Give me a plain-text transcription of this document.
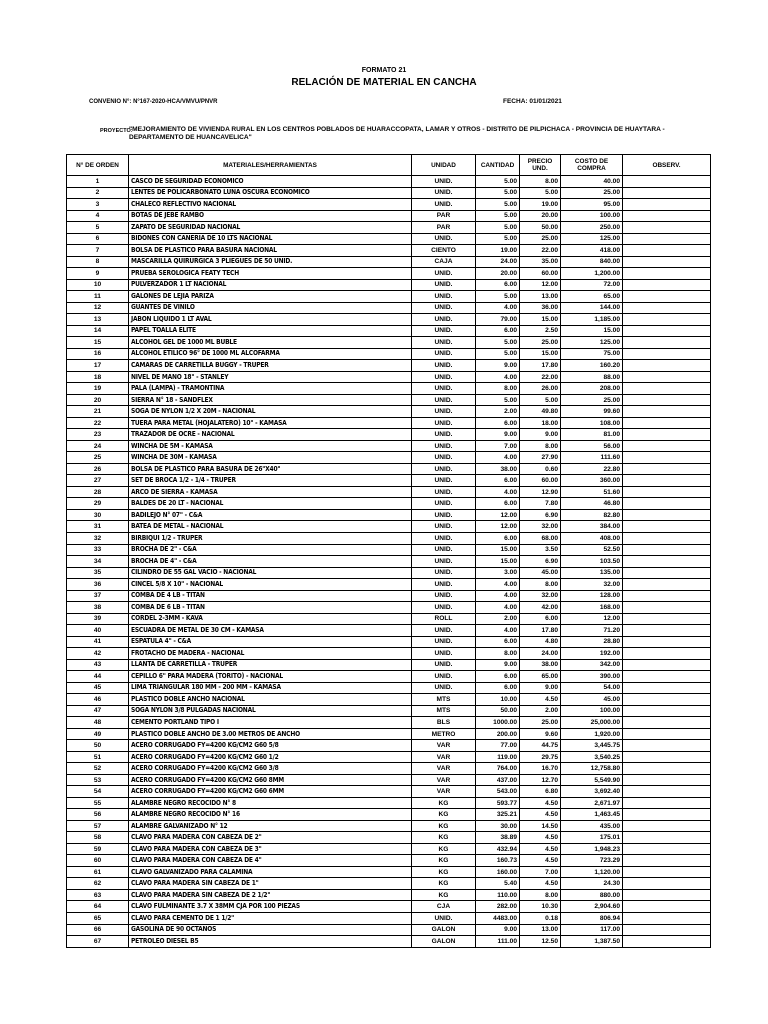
FORMATO 21
RELACIÓN DE MATERIAL EN CANCHA
CONVENIO N°: N°167-2020-HCA/VMVU/PNVR	FECHA: 01/01/2021
PROYECTO:
"MEJORAMIENTO DE VIVIENDA RURAL EN LOS CENTROS POBLADOS DE HUARACCOPATA, LAMAR Y OTROS - DISTRITO DE PILPICHACA - PROVINCIA DE HUAYTARA - DEPARTAMENTO DE HUANCAVELICA"
N° DE ORDEN	MATERIALES/HERRAMIENTAS	UNIDAD	CANTIDAD	PRECIO UND.	COSTO DE COMPRA	OBSERV.
1	CASCO DE SEGURIDAD ECONOMICO	UNID.	5.00	8.00	40.00	
2	LENTES DE POLICARBONATO LUNA OSCURA ECONOMICO	UNID.	5.00	5.00	25.00	
3	CHALECO REFLECTIVO NACIONAL	UNID.	5.00	19.00	95.00	
4	BOTAS DE JEBE RAMBO	PAR	5.00	20.00	100.00	
5	ZAPATO DE SEGURIDAD NACIONAL	PAR	5.00	50.00	250.00	
6	BIDONES CON CAÑERIA DE 10 LTS NACIONAL	UNID.	5.00	25.00	125.00	
7	BOLSA DE PLASTICO PARA BASURA NACIONAL	CIENTO	19.00	22.00	418.00	
8	MASCARILLA QUIRURGICA 3 PLIEGUES DE 50 UNID.	CAJA	24.00	35.00	840.00	
9	PRUEBA SEROLOGICA FEATY TECH	UNID.	20.00	60.00	1,200.00	
10	PULVERZADOR 1 LT NACIONAL	UNID.	6.00	12.00	72.00	
11	GALONES DE LEJIA PARIZA	UNID.	5.00	13.00	65.00	
12	GUANTES DE VINILO	UNID.	4.00	36.00	144.00	
13	JABON LIQUIDO 1 LT AVAL	UNID.	79.00	15.00	1,185.00	
14	PAPEL TOALLA ELITE	UNID.	6.00	2.50	15.00	
15	ALCOHOL GEL DE 1000 ML BUBLE	UNID.	5.00	25.00	125.00	
16	ALCOHOL ETILICO 96° DE 1000 ML ALCOFARMA	UNID.	5.00	15.00	75.00	
17	CAMARAS DE CARRETILLA BUGGY - TRUPER	UNID.	9.00	17.80	160.20	
18	NIVEL DE MANO 18" - STANLEY	UNID.	4.00	22.00	88.00	
19	PALA (LAMPA) - TRAMONTINA	UNID.	8.00	26.00	208.00	
20	SIERRA N° 18 - SANDFLEX	UNID.	5.00	5.00	25.00	
21	SOGA DE NYLON 1/2 X 20M - NACIONAL	UNID.	2.00	49.80	99.60	
22	TUERA PARA METAL (HOJALATERO) 10" - KAMASA	UNID.	6.00	18.00	108.00	
23	TRAZADOR DE OCRE - NACIONAL	UNID.	9.00	9.00	81.00	
24	WINCHA DE 5M - KAMASA	UNID.	7.00	8.00	56.00	
25	WINCHA DE 30M - KAMASA	UNID.	4.00	27.90	111.60	
26	BOLSA DE PLASTICO PARA BASURA DE 26"X40"	UNID.	38.00	0.60	22.80	
27	SET DE BROCA 1/2 - 1/4 - TRUPER	UNID.	6.00	60.00	360.00	
28	ARCO DE SIERRA - KAMASA	UNID.	4.00	12.90	51.60	
29	BALDES DE 20 LT - NACIONAL	UNID.	6.00	7.80	46.80	
30	BADILEJO N° 07" - C&A	UNID.	12.00	6.90	82.80	
31	BATEA DE METAL - NACIONAL	UNID.	12.00	32.00	384.00	
32	BIRBIQUI 1/2 - TRUPER	UNID.	6.00	68.00	408.00	
33	BROCHA DE 2" - C&A	UNID.	15.00	3.50	52.50	
34	BROCHA DE 4" - C&A	UNID.	15.00	6.90	103.50	
35	CILINDRO DE 55 GAL VACIO - NACIONAL	UNID.	3.00	45.00	135.00	
36	CINCEL 5/8 X 10" - NACIONAL	UNID.	4.00	8.00	32.00	
37	COMBA DE 4 LB - TITAN	UNID.	4.00	32.00	128.00	
38	COMBA DE 6 LB - TITAN	UNID.	4.00	42.00	168.00	
39	CORDEL 2-3MM - KAVA	ROLL	2.00	6.00	12.00	
40	ESCUADRA DE METAL DE 30 CM - KAMASA	UNID.	4.00	17.80	71.20	
41	ESPATULA 4" - C&A	UNID.	6.00	4.80	28.80	
42	FROTACHO DE MADERA - NACIONAL	UNID.	8.00	24.00	192.00	
43	LLANTA DE CARRETILLA - TRUPER	UNID.	9.00	38.00	342.00	
44	CEPILLO 6" PARA MADERA (TORITO) - NACIONAL	UNID.	6.00	65.00	390.00	
45	LIMA TRIANGULAR 180 MM - 200 MM - KAMASA	UNID.	6.00	9.00	54.00	
46	PLASTICO DOBLE ANCHO NACIONAL	MTS	10.00	4.50	45.00	
47	SOGA NYLON 3/8 PULGADAS NACIONAL	MTS	50.00	2.00	100.00	
48	CEMENTO PORTLAND TIPO I	BLS	1000.00	25.00	25,000.00	
49	PLASTICO DOBLE ANCHO DE 3.00 METROS DE ANCHO	METRO	200.00	9.60	1,920.00	
50	ACERO CORRUGADO FY=4200 KG/CM2 G60 5/8	VAR	77.00	44.75	3,445.75	
51	ACERO CORRUGADO FY=4200 KG/CM2 G60 1/2	VAR	119.00	29.75	3,540.25	
52	ACERO CORRUGADO FY=4200 KG/CM2 G60 3/8	VAR	764.00	16.70	12,758.80	
53	ACERO CORRUGADO FY=4200 KG/CM2 G60 8MM	VAR	437.00	12.70	5,549.90	
54	ACERO CORRUGADO FY=4200 KG/CM2 G60 6MM	VAR	543.00	6.80	3,692.40	
55	ALAMBRE NEGRO RECOCIDO N° 8	KG	593.77	4.50	2,671.97	
56	ALAMBRE NEGRO RECOCIDO N° 16	KG	325.21	4.50	1,463.45	
57	ALAMBRE GALVANIZADO N° 12	KG	30.00	14.50	435.00	
58	CLAVO PARA MADERA CON CABEZA DE 2"	KG	38.89	4.50	175.01	
59	CLAVO PARA MADERA CON CABEZA DE 3"	KG	432.94	4.50	1,948.23	
60	CLAVO PARA MADERA CON CABEZA DE 4"	KG	160.73	4.50	723.29	
61	CLAVO GALVANIZADO PARA CALAMINA	KG	160.00	7.00	1,120.00	
62	CLAVO PARA MADERA SIN CABEZA DE 1"	KG	5.40	4.50	24.30	
63	CLAVO PARA MADERA SIN CABEZA DE 2 1/2"	KG	110.00	8.00	880.00	
64	CLAVO FULMINANTE 3.7 X 38MM CJA POR 100 PIEZAS	CJA	282.00	10.30	2,904.60	
65	CLAVO PARA CEMENTO DE 1 1/2"	UNID.	4483.00	0.18	806.94	
66	GASOLINA DE 90 OCTANOS	GALON	9.00	13.00	117.00	
67	PETROLEO DIESEL B5	GALON	111.00	12.50	1,387.50	
